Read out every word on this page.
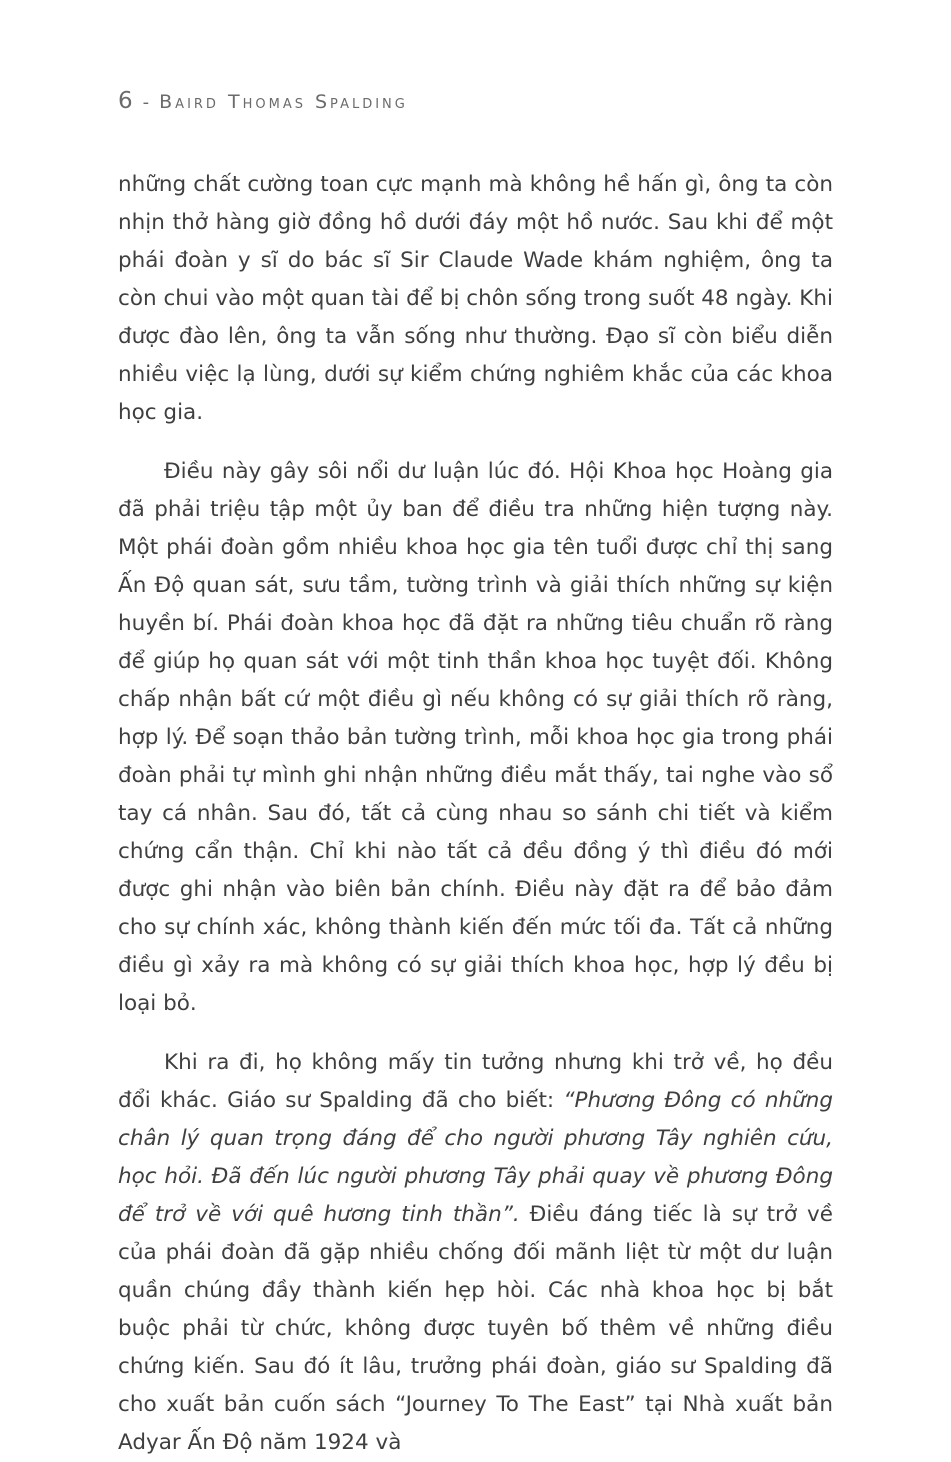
6 - Baird Thomas Spalding

những chất cường toan cực mạnh mà không hề hấn gì, ông ta còn nhịn thở hàng giờ đồng hồ dưới đáy một hồ nước. Sau khi để một phái đoàn y sĩ do bác sĩ Sir Claude Wade khám nghiệm, ông ta còn chui vào một quan tài để bị chôn sống trong suốt 48 ngày. Khi được đào lên, ông ta vẫn sống như thường. Đạo sĩ còn biểu diễn nhiều việc lạ lùng, dưới sự kiểm chứng nghiêm khắc của các khoa học gia.

Điều này gây sôi nổi dư luận lúc đó. Hội Khoa học Hoàng gia đã phải triệu tập một ủy ban để điều tra những hiện tượng này. Một phái đoàn gồm nhiều khoa học gia tên tuổi được chỉ thị sang Ấn Độ quan sát, sưu tầm, tường trình và giải thích những sự kiện huyền bí. Phái đoàn khoa học đã đặt ra những tiêu chuẩn rõ ràng để giúp họ quan sát với một tinh thần khoa học tuyệt đối. Không chấp nhận bất cứ một điều gì nếu không có sự giải thích rõ ràng, hợp lý. Để soạn thảo bản tường trình, mỗi khoa học gia trong phái đoàn phải tự mình ghi nhận những điều mắt thấy, tai nghe vào sổ tay cá nhân. Sau đó, tất cả cùng nhau so sánh chi tiết và kiểm chứng cẩn thận. Chỉ khi nào tất cả đều đồng ý thì điều đó mới được ghi nhận vào biên bản chính. Điều này đặt ra để bảo đảm cho sự chính xác, không thành kiến đến mức tối đa. Tất cả những điều gì xảy ra mà không có sự giải thích khoa học, hợp lý đều bị loại bỏ.

Khi ra đi, họ không mấy tin tưởng nhưng khi trở về, họ đều đổi khác. Giáo sư Spalding đã cho biết: “Phương Đông có những chân lý quan trọng đáng để cho người phương Tây nghiên cứu, học hỏi. Đã đến lúc người phương Tây phải quay về phương Đông để trở về với quê hương tinh thần”. Điều đáng tiếc là sự trở về của phái đoàn đã gặp nhiều chống đối mãnh liệt từ một dư luận quần chúng đầy thành kiến hẹp hòi. Các nhà khoa học bị bắt buộc phải từ chức, không được tuyên bố thêm về những điều chứng kiến. Sau đó ít lâu, trưởng phái đoàn, giáo sư Spalding đã cho xuất bản cuốn sách “Journey To The East” tại Nhà xuất bản Adyar Ấn Độ năm 1924 và
